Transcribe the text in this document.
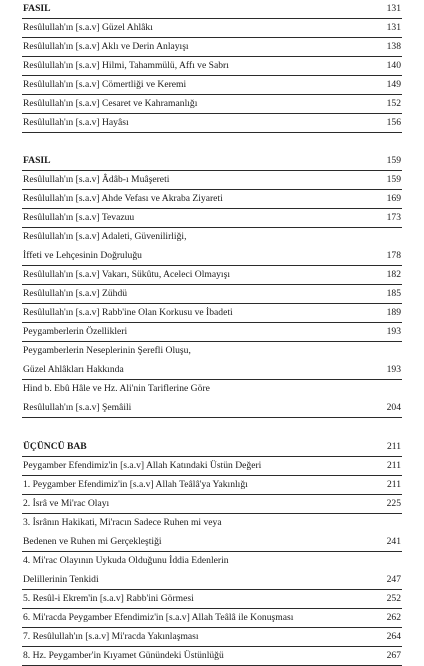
FASIL	131
Resûlullah'ın [s.a.v] Güzel Ahlâkı	131
Resûlullah'ın [s.a.v] Aklı ve Derin Anlayışı	138
Resûlullah'ın [s.a.v] Hilmi, Tahammülü, Affı ve Sabrı	140
Resûlullah'ın [s.a.v] Cömertliği ve Keremi	149
Resûlullah'ın [s.a.v] Cesaret ve Kahramanlığı	152
Resûlullah'ın [s.a.v] Hayâsı	156
FASIL	159
Resûlullah'ın [s.a.v] Âdâb-ı Muâşereti	159
Resûlullah'ın [s.a.v] Ahde Vefası ve Akraba Ziyareti	169
Resûlullah'ın [s.a.v] Tevazuu	173
Resûlullah'ın [s.a.v] Adaleti, Güvenilirliği,
İffeti ve Lehçesinin Doğruluğu	178
Resûlullah'ın [s.a.v] Vakarı, Sükûtu, Aceleci Olmayışı	182
Resûlullah'ın [s.a.v] Zühdü	185
Resûlullah'ın [s.a.v] Rabb'ine Olan Korkusu ve İbadeti	189
Peygamberlerin Özellikleri	193
Peygamberlerin Neseplerinin Şerefli Oluşu,
Güzel Ahlâkları Hakkında	193
Hind b. Ebû Hâle ve Hz. Ali'nin Tariflerine Göre
Resûlullah'ın [s.a.v] Şemâili	204
ÜÇÜNCÜ BAB	211
Peygamber Efendimiz'in [s.a.v] Allah Katındaki Üstün Değeri	211
1. Peygamber Efendimiz'in [s.a.v] Allah Teâlâ'ya Yakınlığı	211
2. İsrâ ve Mi'rac Olayı	225
3. İsrânın Hakikati, Mi'racın Sadece Ruhen mi veya
Bedenen ve Ruhen mi Gerçekleştiği	241
4. Mi'rac Olayının Uykuda Olduğunu İddia Edenlerin
Delillerinin Tenkidi	247
5. Resûl-i Ekrem'in [s.a.v] Rabb'ini Görmesi	252
6. Mi'racda Peygamber Efendimiz'in [s.a.v] Allah Teâlâ ile Konuşması	262
7. Resûlullah'ın [s.a.v] Mi'racda Yakınlaşması	264
8. Hz. Peygamber'in Kıyamet Günündeki Üstünlüğü	267
